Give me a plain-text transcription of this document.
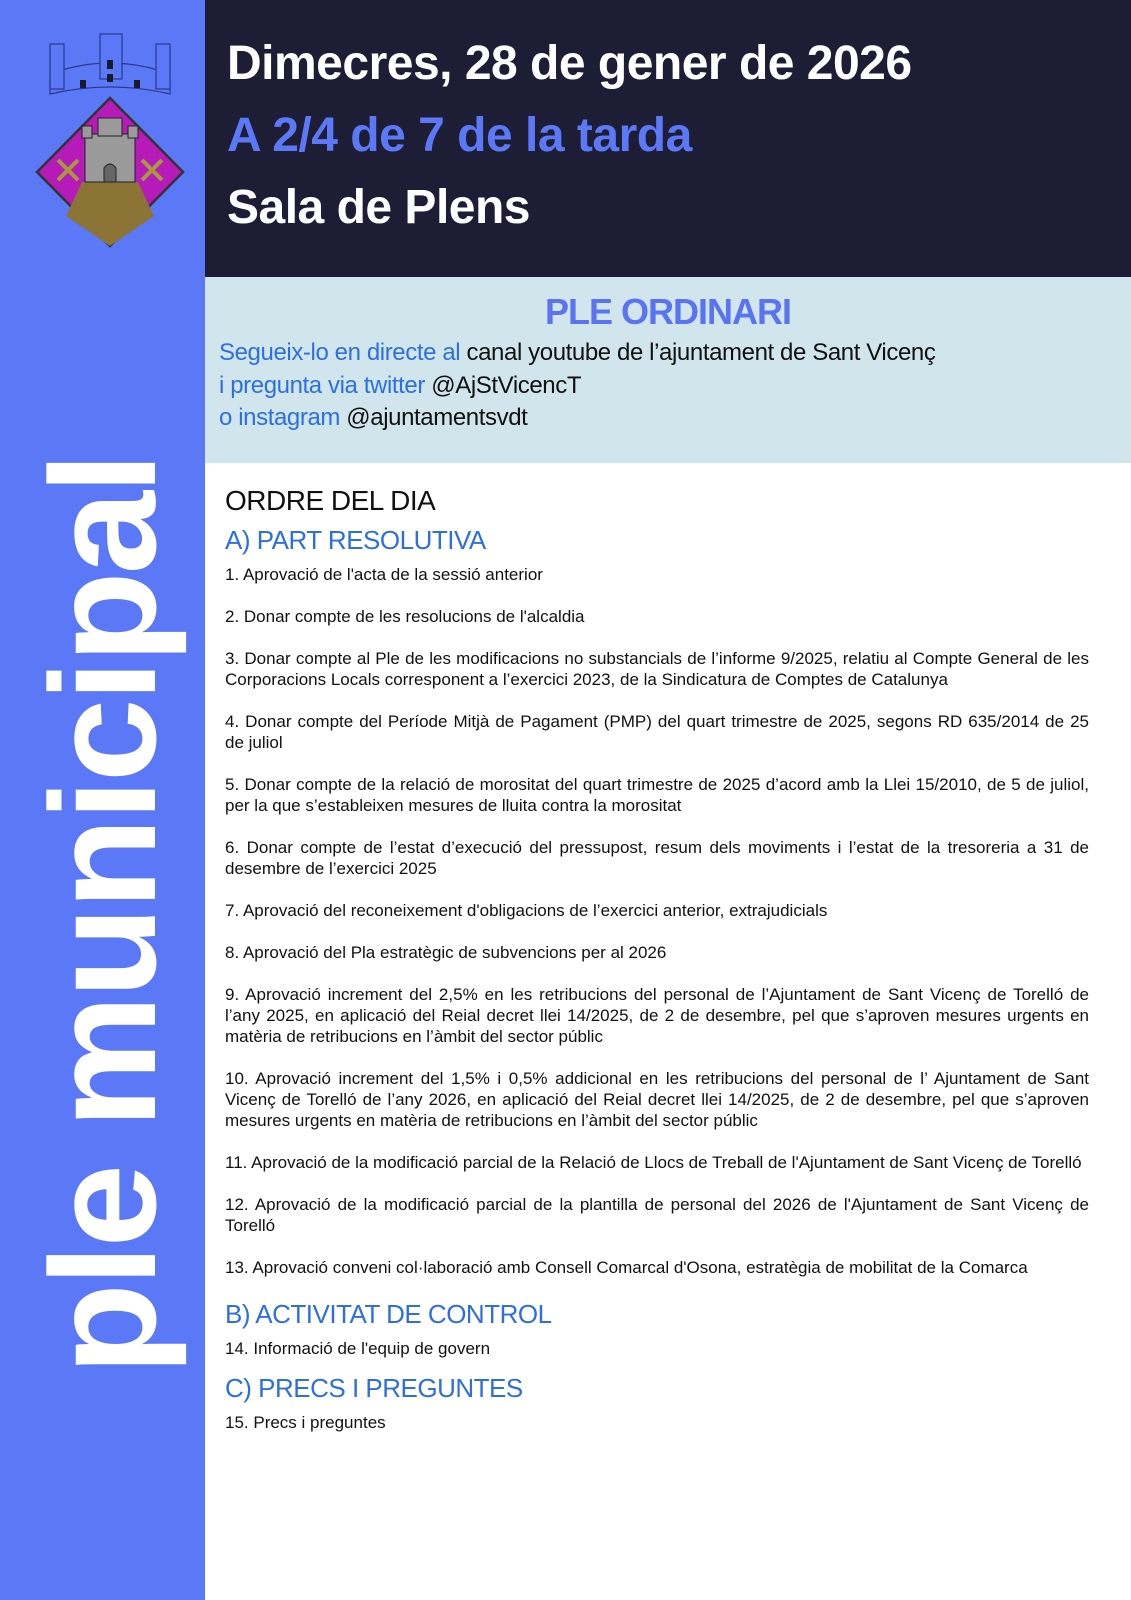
ple municipal
Dimecres, 28 de gener de 2026
A 2/4 de 7 de la tarda
Sala de Plens
PLE ORDINARI
Segueix-lo en directe al canal youtube de l’ajuntament de Sant Vicenç
i pregunta via twitter @AjStVicencT
o instagram @ajuntamentsvdt
ORDRE DEL DIA
A) PART RESOLUTIVA
1. Aprovació de l'acta de la sessió anterior
2. Donar compte de les resolucions de l'alcaldia
3. Donar compte al Ple de les modificacions no substancials de l’informe 9/2025, relatiu al Compte General de les Corporacions Locals corresponent a l’exercici 2023, de la Sindicatura de Comptes de Catalunya
4. Donar compte del Període Mitjà de Pagament (PMP) del quart trimestre de 2025, segons RD 635/2014 de 25 de juliol
5. Donar compte de la relació de morositat del quart trimestre de 2025 d’acord amb la Llei 15/2010, de 5 de juliol, per la que s’estableixen mesures de lluita contra la morositat
6. Donar compte de l’estat d’execució del pressupost, resum dels moviments i l’estat de la tresoreria a 31 de desembre de l’exercici 2025
7. Aprovació del reconeixement d'obligacions de l’exercici anterior, extrajudicials
8. Aprovació del Pla estratègic de subvencions per al 2026
9. Aprovació increment del 2,5% en les retribucions del personal de l’Ajuntament de Sant Vicenç de Torelló de l’any 2025, en aplicació del Reial decret llei 14/2025, de 2 de desembre, pel que s’aproven mesures urgents en matèria de retribucions en l’àmbit del sector públic
10. Aprovació increment del 1,5% i 0,5% addicional en les retribucions del personal de l’ Ajuntament de Sant Vicenç de Torelló de l’any 2026, en aplicació del Reial decret llei 14/2025, de 2 de desembre, pel que s’aproven mesures urgents en matèria de retribucions en l’àmbit del sector públic
11. Aprovació de la modificació parcial de la Relació de Llocs de Treball de l'Ajuntament de Sant Vicenç de Torelló
12. Aprovació de la modificació parcial de la plantilla de personal del 2026 de l'Ajuntament de Sant Vicenç de Torelló
13. Aprovació conveni col·laboració amb Consell Comarcal d'Osona, estratègia de mobilitat de la Comarca
B) ACTIVITAT DE CONTROL
14. Informació de l'equip de govern
C) PRECS I PREGUNTES
15. Precs i preguntes
